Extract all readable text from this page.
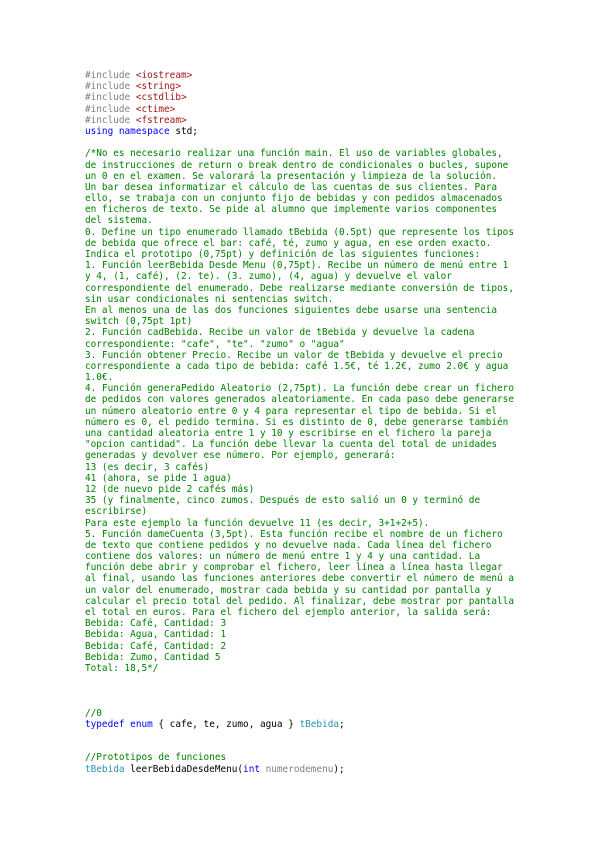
#include <iostream>
#include <string>
#include <cstdlib>
#include <ctime>
#include <fstream>
using namespace std;
/*No es necesario realizar una función main. El uso de variables globales,
de instrucciones de return o break dentro de condicionales o bucles, supone
un 0 en el examen. Se valorará la presentación y limpieza de la solución.
Un bar desea informatizar el cálculo de las cuentas de sus clientes. Para
ello, se trabaja con un conjunto fijo de bebidas y con pedidos almacenados
en ficheros de texto. Se pide al alumno que implemente varios componentes
del sistema.
0. Define un tipo enumerado llamado tBebida (0.5pt) que represente los tipos
de bebida que ofrece el bar: café, té, zumo y agua, en ese orden exacto.
Indica el prototipo (0,75pt) y definición de las siguientes funciones:
1. Función leerBebida Desde Menu (0,75pt). Recibe un número de menú entre 1
y 4, (1, café), (2. te). (3. zumo), (4, agua) y devuelve el valor
correspondiente del enumerado. Debe realizarse mediante conversión de tipos,
sin usar condicionales ni sentencias switch.
En al menos una de las dos funciones siguientes debe usarse una sentencia
switch (0,75pt 1pt)
2. Función cadBebida. Recibe un valor de tBebida y devuelve la cadena
correspondiente: "cafe", "te". "zumo" o "agua"
3. Función obtener Precio. Recibe un valor de tBebida y devuelve el precio
correspondiente a cada tipo de bebida: café 1.5€, té 1.2€, zumo 2.0€ y agua
1.0€.
4. Función generaPedido Aleatorio (2,75pt). La función debe crear un fichero
de pedidos con valores generados aleatoriamente. En cada paso debe generarse
un número aleatorio entre 0 y 4 para representar el tipo de bebida. Si el
número es 0, el pedido termina. Si es distinto de 0, debe generarse también
una cantidad aleatoria entre 1 y 10 y escribirse en el fichero la pareja
"opcion cantidad". La función debe llevar la cuenta del total de unidades
generadas y devolver ese número. Por ejemplo, generará:
13 (es decir, 3 cafés)
41 (ahora, se pide 1 agua)
12 (de nuevo pide 2 cafés más)
35 (y finalmente, cinco zumos. Después de esto salió un 0 y terminó de
escribirse)
Para este ejemplo la función devuelve 11 (es decir, 3+1+2+5).
5. Función dameCuenta (3,5pt). Esta función recibe el nombre de un fichero
de texto que contiene pedidos y no devuelve nada. Cada línea del fichero
contiene dos valores: un número de menú entre 1 y 4 y una cantidad. La
función debe abrir y comprobar el fichero, leer línea a línea hasta llegar
al final, usando las funciones anteriores debe convertir el número de menú a
un valor del enumerado, mostrar cada bebida y su cantidad por pantalla y
calcular el precio total del pedido. Al finalizar, debe mostrar por pantalla
el total en euros. Para el fichero del ejemplo anterior, la salida será:
Bebida: Café, Cantidad: 3
Bebida: Agua, Cantidad: 1
Bebida: Café, Cantidad: 2
Bebida: Zumo, Cantidad 5
Total: 18,5*/
//0
typedef enum { cafe, te, zumo, agua } tBebida;
//Prototipos de funciones
tBebida leerBebidaDesdeMenu(int numerodemenu);
